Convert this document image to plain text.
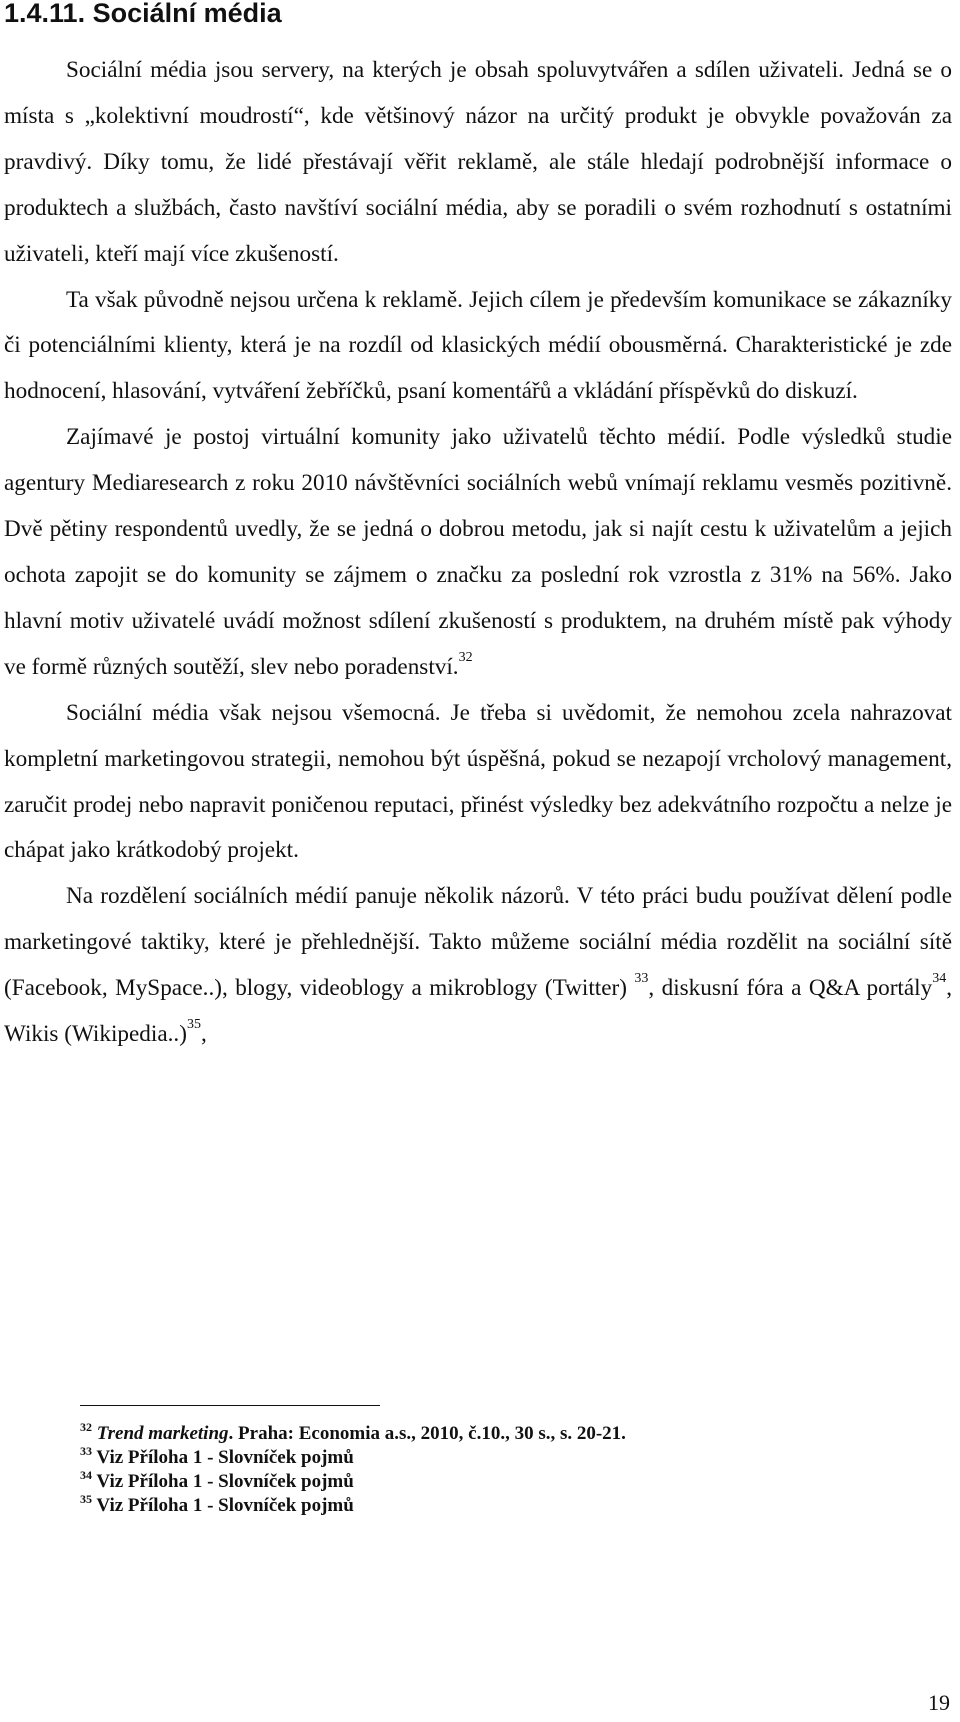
1.4.11. Sociální média

Sociální média jsou servery, na kterých je obsah spoluvytvářen a sdílen uživateli. Jedná se o místa s „kolektivní moudrostí“, kde většinový názor na určitý produkt je obvykle považován za pravdivý. Díky tomu, že lidé přestávají věřit reklamě, ale stále hledají podrobnější informace o produktech a službách, často navštíví sociální média, aby se poradili o svém rozhodnutí s ostatními uživateli, kteří mají více zkušeností.

Ta však původně nejsou určena k reklamě. Jejich cílem je především komunikace se zákazníky či potenciálními klienty, která je na rozdíl od klasických médií obousměrná. Charakteristické je zde hodnocení, hlasování, vytváření žebříčků, psaní komentářů a vkládání příspěvků do diskuzí.

Zajímavé je postoj virtuální komunity jako uživatelů těchto médií. Podle výsledků studie agentury Mediaresearch z roku 2010 návštěvníci sociálních webů vnímají reklamu vesměs pozitivně. Dvě pětiny respondentů uvedly, že se jedná o dobrou metodu, jak si najít cestu k uživatelům a jejich ochota zapojit se do komunity se zájmem o značku za poslední rok vzrostla z 31% na 56%. Jako hlavní motiv uživatelé uvádí možnost sdílení zkušeností s produktem, na druhém místě pak výhody ve formě různých soutěží, slev nebo poradenství.$^{32}$

Sociální média však nejsou všemocná. Je třeba si uvědomit, že nemohou zcela nahrazovat kompletní marketingovou strategii, nemohou být úspěšná, pokud se nezapojí vrcholový management, zaručit prodej nebo napravit poničenou reputaci, přinést výsledky bez adekvátního rozpočtu a nelze je chápat jako krátkodobý projekt.

Na rozdělení sociálních médií panuje několik názorů. V této práci budu používat dělení podle marketingové taktiky, které je přehlednější. Takto můžeme sociální média rozdělit na sociální sítě (Facebook, MySpace..), blogy, videoblogy a mikroblogy (Twitter) $^{33}$, diskusní fóra a Q&A portály$^{34}$, Wikis (Wikipedia..)$^{35}$,

$^{32}$ Trend marketing. Praha: Economia a.s., 2010, č.10., 30 s., s. 20-21.
$^{33}$ Viz Příloha 1 - Slovníček pojmů
$^{34}$ Viz Příloha 1 - Slovníček pojmů
$^{35}$ Viz Příloha 1 - Slovníček pojmů
19
